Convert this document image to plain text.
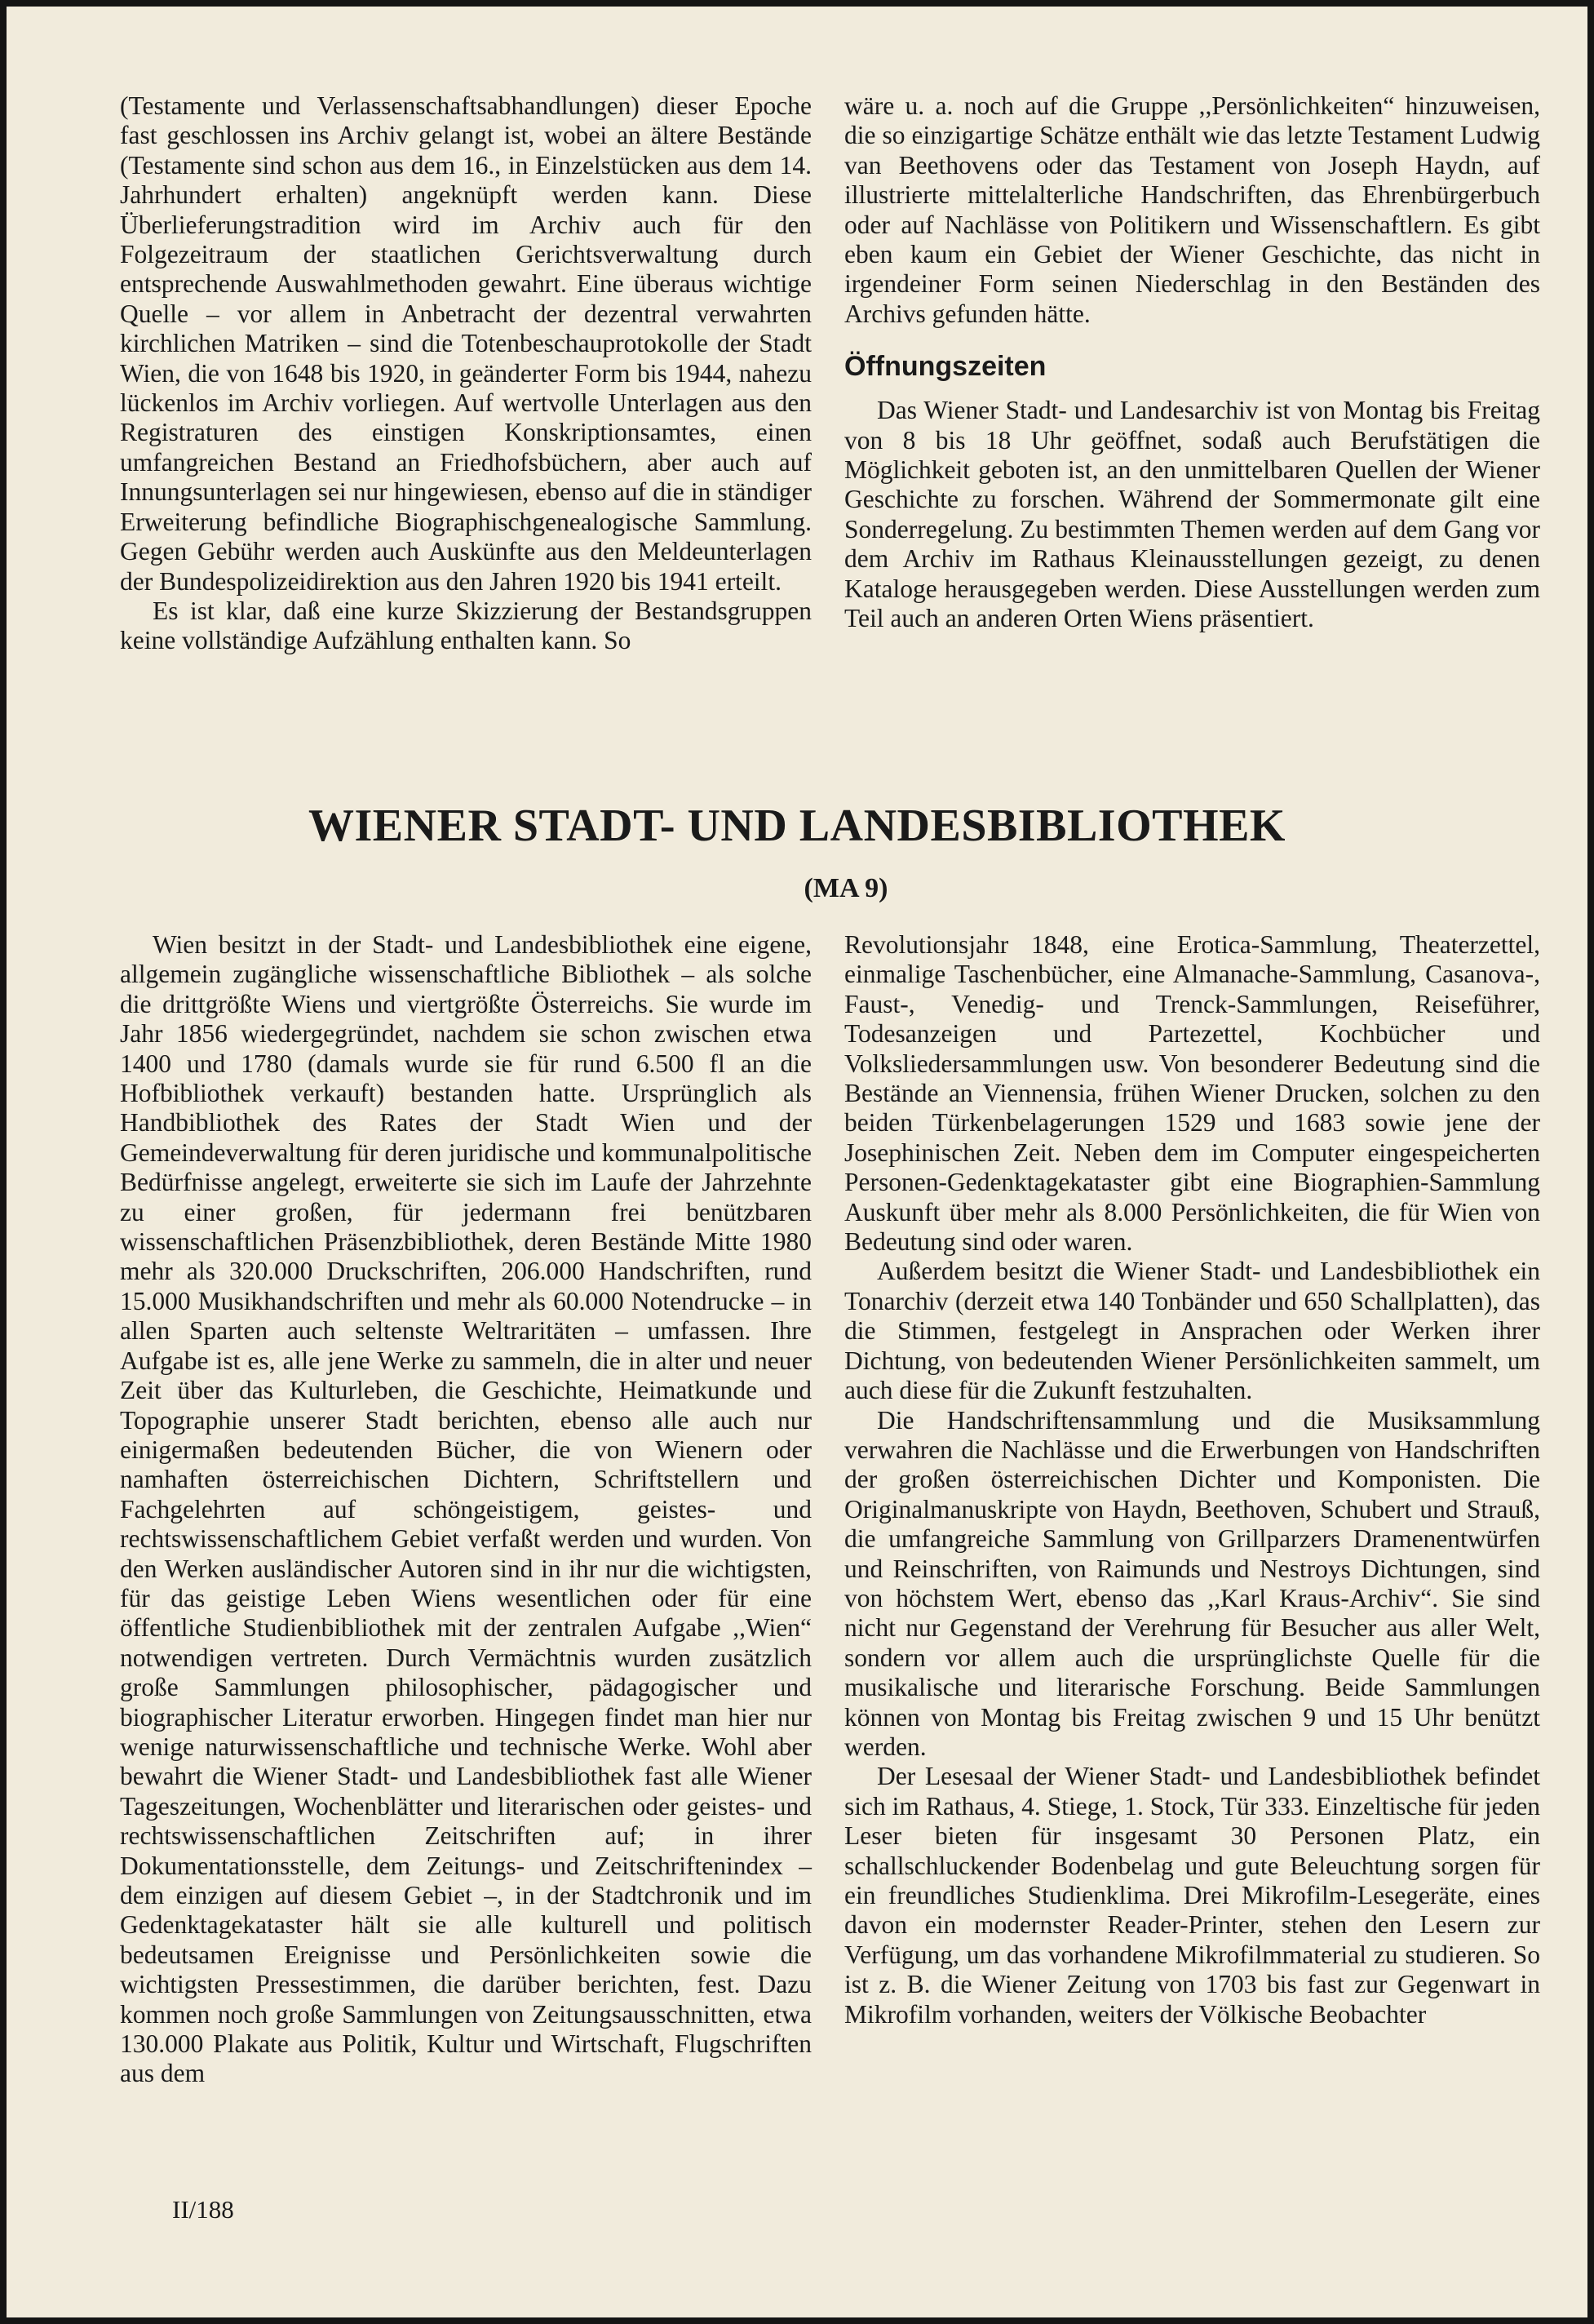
(Testamente und Verlassenschaftsabhandlungen) dieser Epoche fast geschlossen ins Archiv gelangt ist, wobei an ältere Bestände (Testamente sind schon aus dem 16., in Einzelstücken aus dem 14. Jahrhundert erhalten) angeknüpft werden kann. Diese Überlieferungstradition wird im Archiv auch für den Folgezeitraum der staatlichen Gerichtsverwaltung durch entsprechende Auswahlmethoden gewahrt. Eine überaus wichtige Quelle – vor allem in Anbetracht der dezentral verwahrten kirchlichen Matriken – sind die Totenbeschauprotokolle der Stadt Wien, die von 1648 bis 1920, in geänderter Form bis 1944, nahezu lückenlos im Archiv vorliegen. Auf wertvolle Unterlagen aus den Registraturen des einstigen Konskriptionsamtes, einen umfangreichen Bestand an Friedhofsbüchern, aber auch auf Innungsunterlagen sei nur hingewiesen, ebenso auf die in ständiger Erweiterung befindliche Biographischgenealogische Sammlung. Gegen Gebühr werden auch Auskünfte aus den Meldeunterlagen der Bundespolizeidirektion aus den Jahren 1920 bis 1941 erteilt.

Es ist klar, daß eine kurze Skizzierung der Bestandsgruppen keine vollständige Aufzählung enthalten kann. So

wäre u. a. noch auf die Gruppe ,,Persönlichkeiten“ hinzuweisen, die so einzigartige Schätze enthält wie das letzte Testament Ludwig van Beethovens oder das Testament von Joseph Haydn, auf illustrierte mittelalterliche Handschriften, das Ehrenbürgerbuch oder auf Nachlässe von Politikern und Wissenschaftlern. Es gibt eben kaum ein Gebiet der Wiener Geschichte, das nicht in irgendeiner Form seinen Niederschlag in den Beständen des Archivs gefunden hätte.

Öffnungszeiten

Das Wiener Stadt- und Landesarchiv ist von Montag bis Freitag von 8 bis 18 Uhr geöffnet, sodaß auch Berufstätigen die Möglichkeit geboten ist, an den unmittelbaren Quellen der Wiener Geschichte zu forschen. Während der Sommermonate gilt eine Sonderregelung. Zu bestimmten Themen werden auf dem Gang vor dem Archiv im Rathaus Kleinausstellungen gezeigt, zu denen Kataloge herausgegeben werden. Diese Ausstellungen werden zum Teil auch an anderen Orten Wiens präsentiert.

WIENER STADT- UND LANDESBIBLIOTHEK
(MA 9)

Wien besitzt in der Stadt- und Landesbibliothek eine eigene, allgemein zugängliche wissenschaftliche Bibliothek – als solche die drittgrößte Wiens und viertgrößte Österreichs. Sie wurde im Jahr 1856 wiedergegründet, nachdem sie schon zwischen etwa 1400 und 1780 (damals wurde sie für rund 6.500 fl an die Hofbibliothek verkauft) bestanden hatte. Ursprünglich als Handbibliothek des Rates der Stadt Wien und der Gemeindeverwaltung für deren juridische und kommunalpolitische Bedürfnisse angelegt, erweiterte sie sich im Laufe der Jahrzehnte zu einer großen, für jedermann frei benützbaren wissenschaftlichen Präsenzbibliothek, deren Bestände Mitte 1980 mehr als 320.000 Druckschriften, 206.000 Handschriften, rund 15.000 Musikhandschriften und mehr als 60.000 Notendrucke – in allen Sparten auch seltenste Weltraritäten – umfassen. Ihre Aufgabe ist es, alle jene Werke zu sammeln, die in alter und neuer Zeit über das Kulturleben, die Geschichte, Heimatkunde und Topographie unserer Stadt berichten, ebenso alle auch nur einigermaßen bedeutenden Bücher, die von Wienern oder namhaften österreichischen Dichtern, Schriftstellern und Fachgelehrten auf schöngeistigem, geistes- und rechtswissenschaftlichem Gebiet verfaßt werden und wurden. Von den Werken ausländischer Autoren sind in ihr nur die wichtigsten, für das geistige Leben Wiens wesentlichen oder für eine öffentliche Studienbibliothek mit der zentralen Aufgabe ,,Wien“ notwendigen vertreten. Durch Vermächtnis wurden zusätzlich große Sammlungen philosophischer, pädagogischer und biographischer Literatur erworben. Hingegen findet man hier nur wenige naturwissenschaftliche und technische Werke. Wohl aber bewahrt die Wiener Stadt- und Landesbibliothek fast alle Wiener Tageszeitungen, Wochenblätter und literarischen oder geistes- und rechtswissenschaftlichen Zeitschriften auf; in ihrer Dokumentationsstelle, dem Zeitungs- und Zeitschriftenindex – dem einzigen auf diesem Gebiet –, in der Stadtchronik und im Gedenktagekataster hält sie alle kulturell und politisch bedeutsamen Ereignisse und Persönlichkeiten sowie die wichtigsten Pressestimmen, die darüber berichten, fest. Dazu kommen noch große Sammlungen von Zeitungsausschnitten, etwa 130.000 Plakate aus Politik, Kultur und Wirtschaft, Flugschriften aus dem

Revolutionsjahr 1848, eine Erotica-Sammlung, Theaterzettel, einmalige Taschenbücher, eine Almanache-Sammlung, Casanova-, Faust-, Venedig- und Trenck-Sammlungen, Reiseführer, Todesanzeigen und Partezettel, Kochbücher und Volksliedersammlungen usw. Von besonderer Bedeutung sind die Bestände an Viennensia, frühen Wiener Drucken, solchen zu den beiden Türkenbelagerungen 1529 und 1683 sowie jene der Josephinischen Zeit. Neben dem im Computer eingespeicherten Personen-Gedenktagekataster gibt eine Biographien-Sammlung Auskunft über mehr als 8.000 Persönlichkeiten, die für Wien von Bedeutung sind oder waren.

Außerdem besitzt die Wiener Stadt- und Landesbibliothek ein Tonarchiv (derzeit etwa 140 Tonbänder und 650 Schallplatten), das die Stimmen, festgelegt in Ansprachen oder Werken ihrer Dichtung, von bedeutenden Wiener Persönlichkeiten sammelt, um auch diese für die Zukunft festzuhalten.

Die Handschriftensammlung und die Musiksammlung verwahren die Nachlässe und die Erwerbungen von Handschriften der großen österreichischen Dichter und Komponisten. Die Originalmanuskripte von Haydn, Beethoven, Schubert und Strauß, die umfangreiche Sammlung von Grillparzers Dramenentwürfen und Reinschriften, von Raimunds und Nestroys Dichtungen, sind von höchstem Wert, ebenso das ,,Karl Kraus-Archiv“. Sie sind nicht nur Gegenstand der Verehrung für Besucher aus aller Welt, sondern vor allem auch die ursprünglichste Quelle für die musikalische und literarische Forschung. Beide Sammlungen können von Montag bis Freitag zwischen 9 und 15 Uhr benützt werden.

Der Lesesaal der Wiener Stadt- und Landesbibliothek befindet sich im Rathaus, 4. Stiege, 1. Stock, Tür 333. Einzeltische für jeden Leser bieten für insgesamt 30 Personen Platz, ein schallschluckender Bodenbelag und gute Beleuchtung sorgen für ein freundliches Studienklima. Drei Mikrofilm-Lesegeräte, eines davon ein modernster Reader-Printer, stehen den Lesern zur Verfügung, um das vorhandene Mikrofilmmaterial zu studieren. So ist z. B. die Wiener Zeitung von 1703 bis fast zur Gegenwart in Mikrofilm vorhanden, weiters der Völkische Beobachter

II/188
